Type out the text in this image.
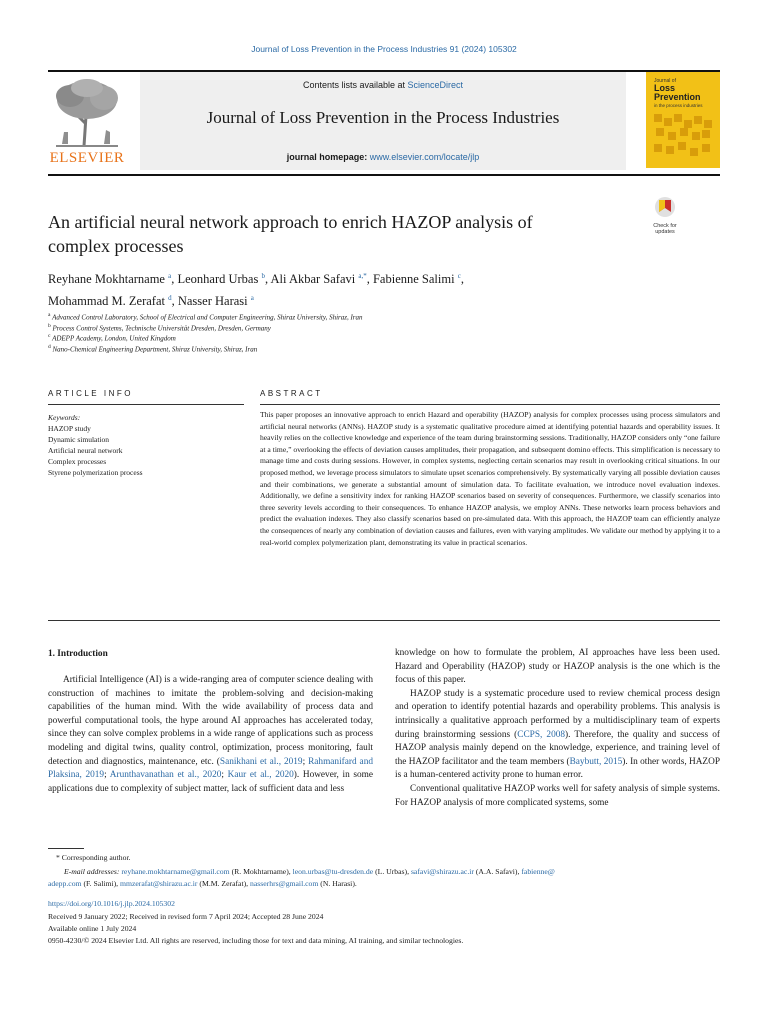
Journal of Loss Prevention in the Process Industries 91 (2024) 105302
ELSEVIER
Contents lists available at ScienceDirect
Journal of Loss Prevention in the Process Industries
journal homepage: www.elsevier.com/locate/jlp
Journal of
Loss
Prevention
in the process industries
An artificial neural network approach to enrich HAZOP analysis of
complex processes
Check for
updates
Reyhane Mokhtarname $^a$, Leonhard Urbas $^b$, Ali Akbar Safavi $^{a,*}$, Fabienne Salimi $^c$,
Mohammad M. Zerafat $^d$, Nasser Harasi $^a$
$^a$ Advanced Control Laboratory, School of Electrical and Computer Engineering, Shiraz University, Shiraz, Iran
$^b$ Process Control Systems, Technische Universität Dresden, Dresden, Germany
$^c$ ADEPP Academy, London, United Kingdom
$^d$ Nano-Chemical Engineering Department, Shiraz University, Shiraz, Iran
ARTICLE INFO	ABSTRACT
Keywords:
HAZOP study
Dynamic simulation
Artificial neural network
Complex processes
Styrene polymerization process
This paper proposes an innovative approach to enrich Hazard and operability (HAZOP) analysis for complex processes using process simulators and artificial neural networks (ANNs). HAZOP study is a systematic qualitative procedure aimed at identifying potential hazards and operability issues. It heavily relies on the collective knowledge and experience of the team during brainstorming sessions. Traditionally, HAZOP considers only “one failure at a time,” overlooking the effects of deviation causes amplitudes, their propagation, and subsequent domino effects. This simplification is necessary to manage time and costs during sessions. However, in complex systems, neglecting certain scenarios may result in overlooking critical situations. In our proposed method, we leverage process simulators to simulate upset scenarios comprehensively. By systematically varying all possible deviation causes and their combinations, we generate a substantial amount of simulation data. To facilitate evaluation, we introduce novel evaluation indexes. Additionally, we define a sensitivity index for ranking HAZOP scenarios based on severity of consequences. Furthermore, we classify scenarios into three severity levels according to their consequences. To enhance HAZOP analysis, we employ ANNs. These networks learn process behaviors and predict the evaluation indexes. They also classify scenarios based on pre-simulated data. With this approach, the HAZOP team can efficiently analyze the consequences of nearly any combination of deviation causes and failures, even with varying amplitudes. We validate our method by applying it to a real-world complex polymerization plant, demonstrating its value in practical scenarios.
1. Introduction
Artificial Intelligence (AI) is a wide-ranging area of computer science dealing with construction of machines to imitate the problem-solving and decision-making capabilities of the human mind. With the wide availability of process data and powerful computational tools, the hype around AI approaches has accelerated today, since they can solve complex problems in a wide range of applications such as process modeling and digital twins, quality control, optimization, process monitoring, fault detection and diagnostics, maintenance, etc. (Sanikhani et al., 2019; Rahmanifard and Plaksina, 2019; Arunthavanathan et al., 2020; Kaur et al., 2020). However, in some applications due to complexity of subject matter, lack of sufficient data and less
knowledge on how to formulate the problem, AI approaches have less been used. Hazard and Operability (HAZOP) study or HAZOP analysis is the one which is the focus of this paper.
HAZOP study is a systematic procedure used to review chemical process design and operation to identify potential hazards and operability problems. This analysis is intrinsically a qualitative approach performed by a multidisciplinary team of experts during brainstorming sessions (CCPS, 2008). Therefore, the quality and success of HAZOP analysis mainly depend on the knowledge, experience, and training level of the HAZOP facilitator and the team members (Baybutt, 2015). In other words, HAZOP is a human-centered activity prone to human error.
Conventional qualitative HAZOP works well for safety analysis of simple systems. For HAZOP analysis of more complicated systems, some
* Corresponding author.
E-mail addresses: reyhane.mokhtarname@gmail.com (R. Mokhtarname), leon.urbas@tu-dresden.de (L. Urbas), safavi@shirazu.ac.ir (A.A. Safavi), fabienne@
adepp.com (F. Salimi), mmzerafat@shirazu.ac.ir (M.M. Zerafat), nasserhrs@gmail.com (N. Harasi).
https://doi.org/10.1016/j.jlp.2024.105302
Received 9 January 2022; Received in revised form 7 April 2024; Accepted 28 June 2024
Available online 1 July 2024
0950-4230/© 2024 Elsevier Ltd. All rights are reserved, including those for text and data mining, AI training, and similar technologies.
